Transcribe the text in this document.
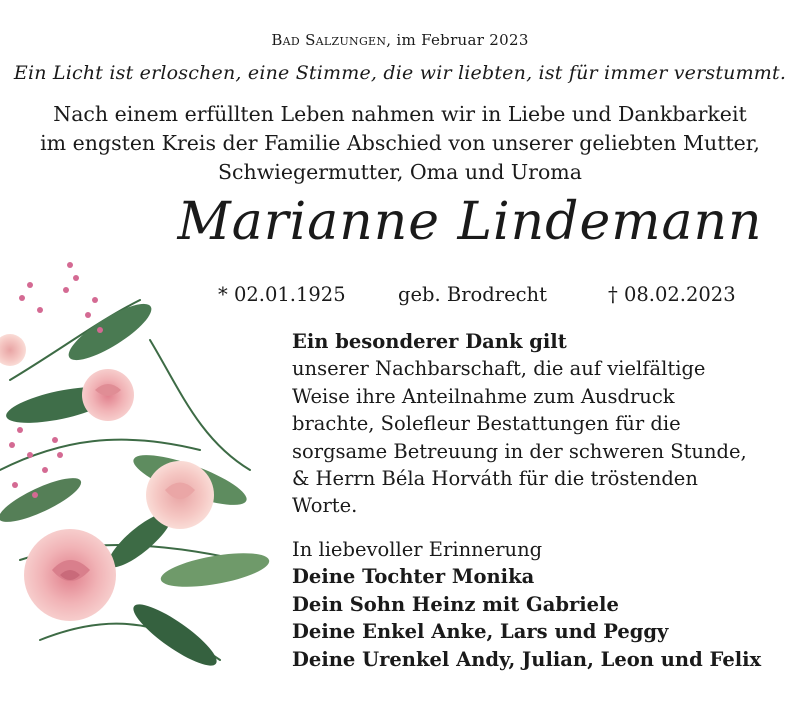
Bad Salzungen, im Februar 2023
Ein Licht ist erloschen, eine Stimme, die wir liebten, ist für immer verstummt.
Nach einem erfüllten Leben nahmen wir in Liebe und Dankbarkeit
im engsten Kreis der Familie Abschied von unserer geliebten Mutter,
Schwiegermutter, Oma und Uroma
Marianne Lindemann
* 02.01.1925	geb. Brodrecht	† 08.02.2023
Ein besonderer Dank gilt
unserer Nachbarschaft, die auf vielfältige
Weise ihre Anteilnahme zum Ausdruck
brachte, Solefleur Bestattungen für die
sorgsame Betreuung in der schweren Stunde,
& Herrn Béla Horváth für die tröstenden
Worte.
In liebevoller Erinnerung
Deine Tochter Monika
Dein Sohn Heinz mit Gabriele
Deine Enkel Anke, Lars und Peggy
Deine Urenkel Andy, Julian, Leon und Felix
